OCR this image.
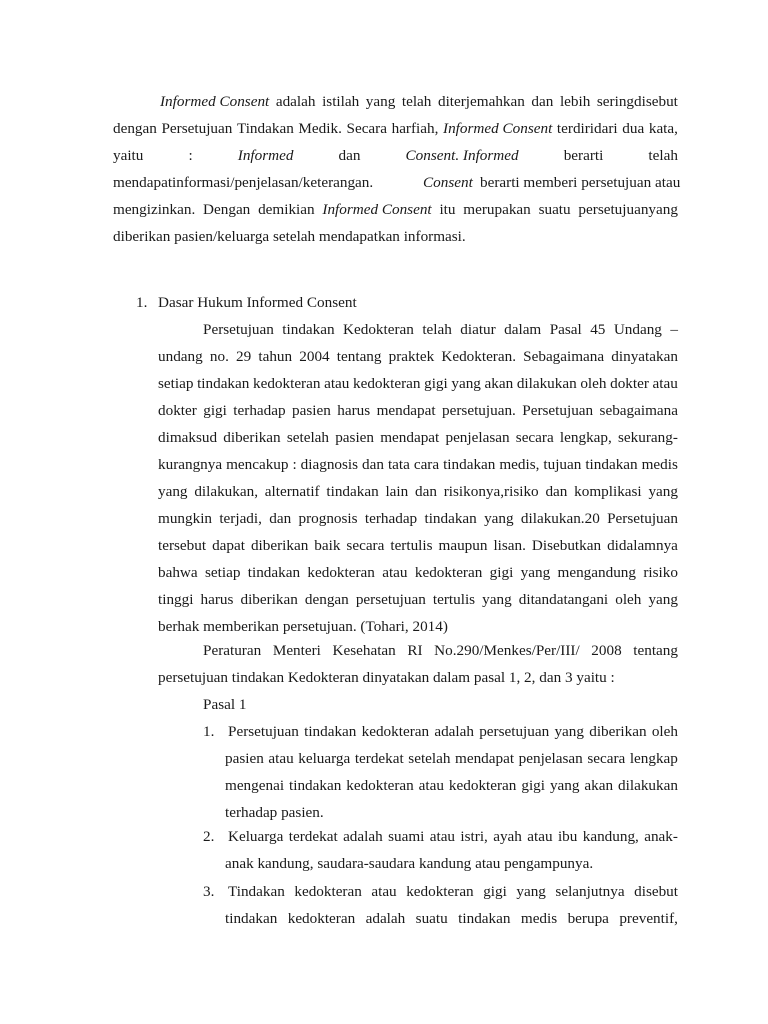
Informed Consent adalah istilah yang telah diterjemahkan dan lebih seringdisebut
dengan Persetujuan Tindakan Medik. Secara harfiah, Informed Consent terdiridari dua kata,
yaitu	:	Informed	dan	Consent. Informed	berarti	telah
mendapatinformasi/penjelasan/keterangan.	Consent berarti memberi persetujuan atau
mengizinkan. Dengan demikian Informed Consent itu merupakan suatu persetujuanyang
diberikan pasien/keluarga setelah mendapatkan informasi.
1. Dasar Hukum Informed Consent
Persetujuan tindakan Kedokteran telah diatur dalam Pasal 45 Undang –
undang no. 29 tahun 2004 tentang praktek Kedokteran. Sebagaimana dinyatakan
setiap tindakan kedokteran atau kedokteran gigi yang akan dilakukan oleh dokter atau
dokter gigi terhadap pasien harus mendapat persetujuan. Persetujuan sebagaimana
dimaksud diberikan setelah pasien mendapat penjelasan secara lengkap, sekurang-
kurangnya mencakup : diagnosis dan tata cara tindakan medis, tujuan tindakan medis
yang dilakukan, alternatif tindakan lain dan risikonya,risiko dan komplikasi yang
mungkin terjadi, dan prognosis terhadap tindakan yang dilakukan.20 Persetujuan
tersebut dapat diberikan baik secara tertulis maupun lisan. Disebutkan didalamnya
bahwa setiap tindakan kedokteran atau kedokteran gigi yang mengandung risiko
tinggi harus diberikan dengan persetujuan tertulis yang ditandatangani oleh yang
berhak memberikan persetujuan. (Tohari, 2014)
Peraturan Menteri Kesehatan RI No.290/Menkes/Per/III/ 2008 tentang
persetujuan tindakan Kedokteran dinyatakan dalam pasal 1, 2, dan 3 yaitu :
Pasal 1
1. Persetujuan tindakan kedokteran adalah persetujuan yang diberikan oleh
pasien atau keluarga terdekat setelah mendapat penjelasan secara lengkap
mengenai tindakan kedokteran atau kedokteran gigi yang akan dilakukan
terhadap pasien.
2. Keluarga terdekat adalah suami atau istri, ayah atau ibu kandung, anak-
anak kandung, saudara-saudara kandung atau pengampunya.
3. Tindakan kedokteran atau kedokteran gigi yang selanjutnya disebut
tindakan kedokteran adalah suatu tindakan medis berupa preventif,
